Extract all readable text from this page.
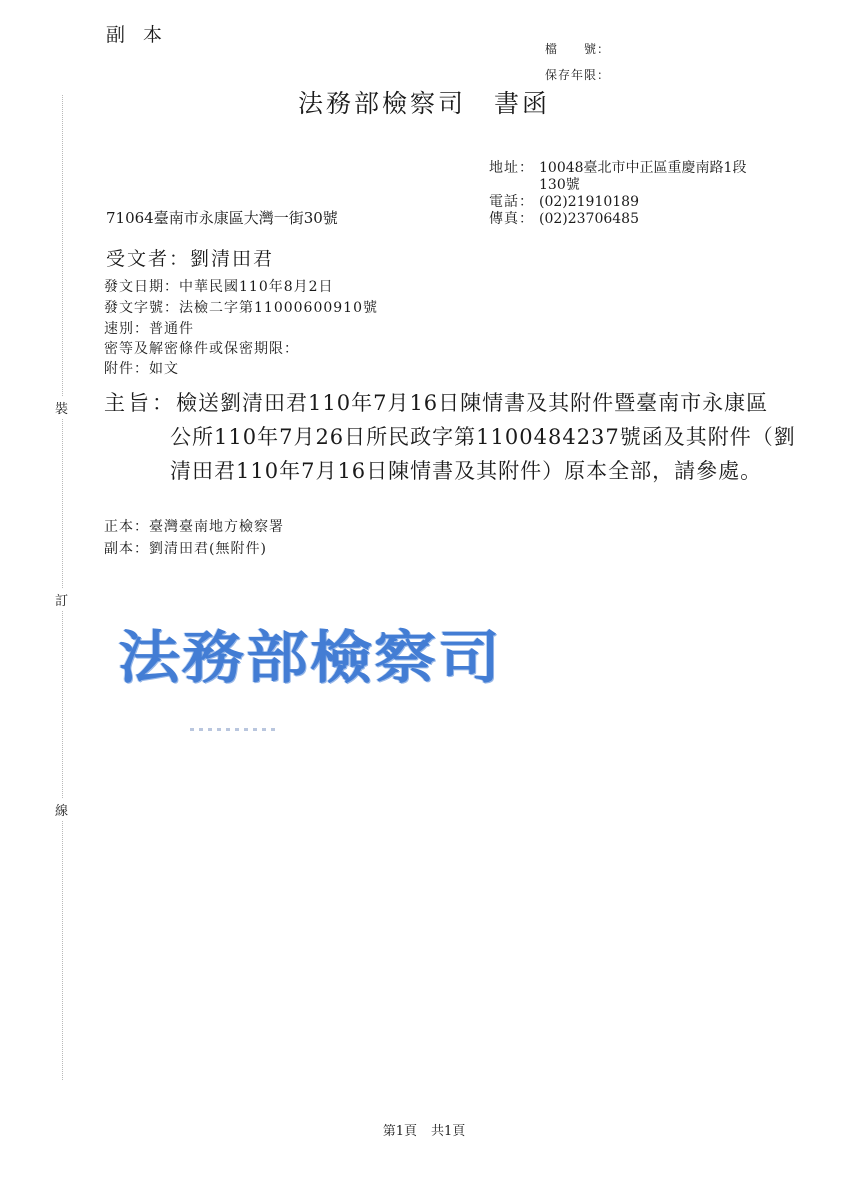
副本
檔　　號：
保存年限：
法務部檢察司 書函
地址： 10048臺北市中正區重慶南路1段
130號
電話： (02)21910189
傳真： (02)23706485
71064臺南市永康區大灣一街30號
受文者：劉清田君
發文日期：中華民國110年8月2日
發文字號：法檢二字第11000600910號
速別：普通件
密等及解密條件或保密期限：
附件：如文
主旨：檢送劉清田君110年7月16日陳情書及其附件暨臺南市永康區
公所110年7月26日所民政字第1100484237號函及其附件（劉
清田君110年7月16日陳情書及其附件）原本全部，請參處。
正本：臺灣臺南地方檢察署
副本：劉清田君(無附件)
法務部檢察司
裝
訂
線
第1頁 共1頁
